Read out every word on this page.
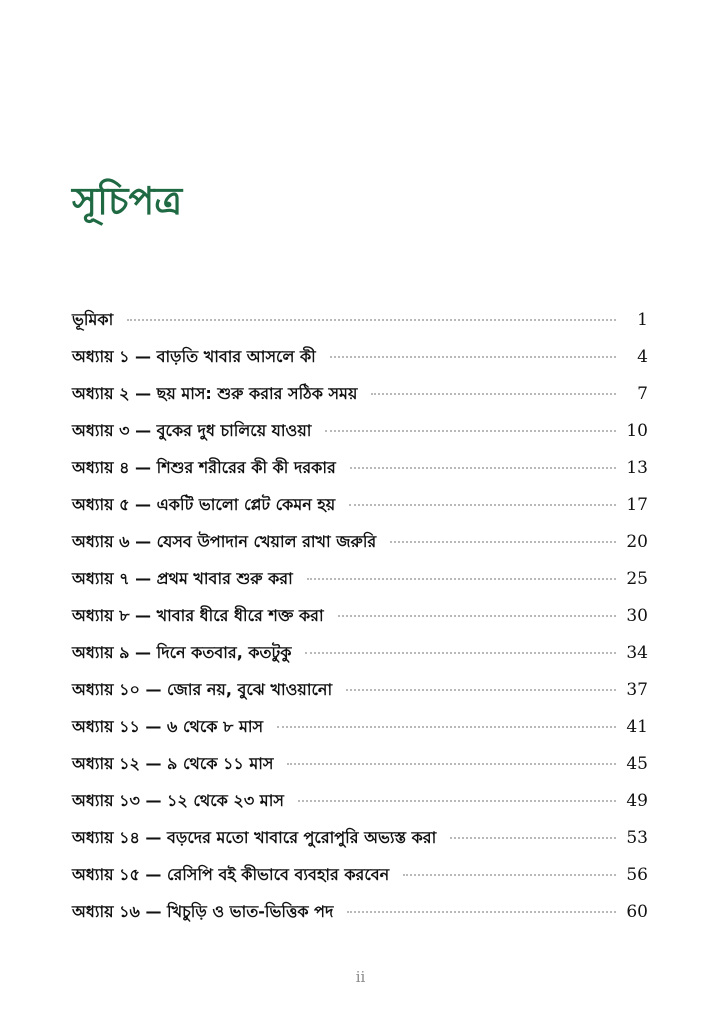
সূচিপত্র
ভূমিকা	1
অধ্যায় ১ — বাড়তি খাবার আসলে কী	4
অধ্যায় ২ — ছয় মাস: শুরু করার সঠিক সময়	7
অধ্যায় ৩ — বুকের দুধ চালিয়ে যাওয়া	10
অধ্যায় ৪ — শিশুর শরীরের কী কী দরকার	13
অধ্যায় ৫ — একটি ভালো প্লেট কেমন হয়	17
অধ্যায় ৬ — যেসব উপাদান খেয়াল রাখা জরুরি	20
অধ্যায় ৭ — প্রথম খাবার শুরু করা	25
অধ্যায় ৮ — খাবার ধীরে ধীরে শক্ত করা	30
অধ্যায় ৯ — দিনে কতবার, কতটুকু	34
অধ্যায় ১০ — জোর নয়, বুঝে খাওয়ানো	37
অধ্যায় ১১ — ৬ থেকে ৮ মাস	41
অধ্যায় ১২ — ৯ থেকে ১১ মাস	45
অধ্যায় ১৩ — ১২ থেকে ২৩ মাস	49
অধ্যায় ১৪ — বড়দের মতো খাবারে পুরোপুরি অভ্যস্ত করা	53
অধ্যায় ১৫ — রেসিপি বই কীভাবে ব্যবহার করবেন	56
অধ্যায় ১৬ — খিচুড়ি ও ভাত-ভিত্তিক পদ	60
ii
